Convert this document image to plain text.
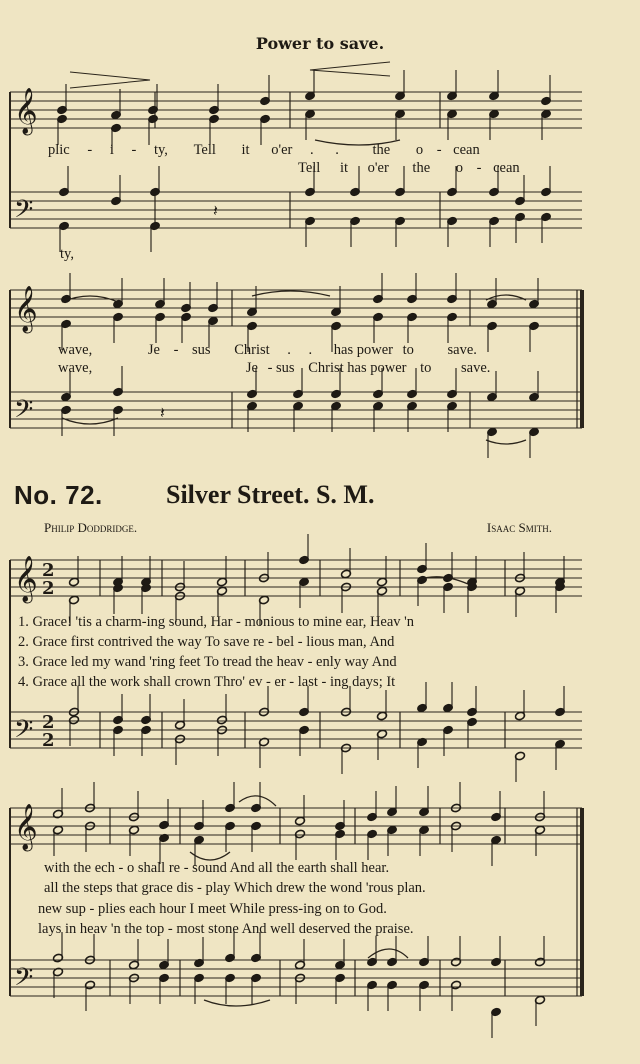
Power to save.
𝄞
𝄢
𝄞
𝄢
𝄞
𝄢
𝄞
𝄢
2
2
2
2
𝄽
𝄽
plic - i - ty, Tell it o'er . . the o - cean
Tell it o'er the o - cean
ty,
wave,	Je - sus Christ . . has power to save.
wave,	Je - sus Christ has power to save.
No. 72. Silver Street. S. M.
Philip Doddridge.	Isaac Smith.
1. Grace! 'tis a charm-ing sound, Har - monious to mine ear, Heav 'n
2. Grace first contrived the way To save re - bel - lious man, And
3. Grace led my wand 'ring feet To tread the heav - enly way And
4. Grace all the work shall crown Thro' ev - er - last - ing days; It
with the ech - o shall re - sound And all the earth shall hear.
all the steps that grace dis - play Which drew the wond 'rous plan.
new sup - plies each hour I meet While press-ing on to God.
lays in heav 'n the top - most stone And well deserved the praise.
